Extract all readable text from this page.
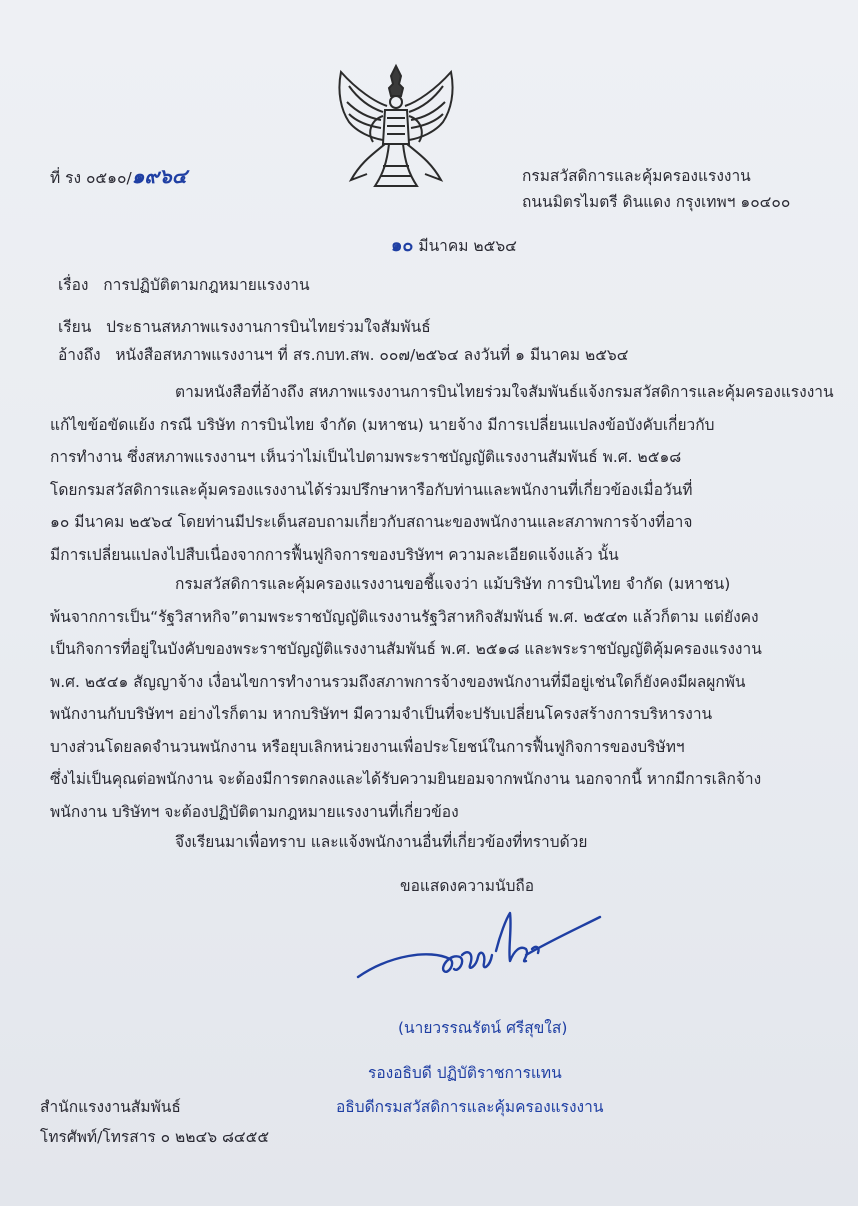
ที่ รง ๐๕๑๐/๑๙๖๔	กรมสวัสดิการและคุ้มครองแรงงาน
ถนนมิตรไมตรี ดินแดง กรุงเทพฯ ๑๐๔๐๐
๑๐ มีนาคม ๒๕๖๔
เรื่อง การปฏิบัติตามกฎหมายแรงงาน
เรียน ประธานสหภาพแรงงานการบินไทยร่วมใจสัมพันธ์
อ้างถึง หนังสือสหภาพแรงงานฯ ที่ สร.กบท.สพ. ๐๐๗/๒๕๖๔ ลงวันที่ ๑ มีนาคม ๒๕๖๔
ตามหนังสือที่อ้างถึง สหภาพแรงงานการบินไทยร่วมใจสัมพันธ์แจ้งกรมสวัสดิการและคุ้มครองแรงงาน
แก้ไขข้อขัดแย้ง กรณี บริษัท การบินไทย จำกัด (มหาชน) นายจ้าง มีการเปลี่ยนแปลงข้อบังคับเกี่ยวกับ
การทำงาน ซึ่งสหภาพแรงงานฯ เห็นว่าไม่เป็นไปตามพระราชบัญญัติแรงงานสัมพันธ์ พ.ศ. ๒๕๑๘
โดยกรมสวัสดิการและคุ้มครองแรงงานได้ร่วมปรึกษาหารือกับท่านและพนักงานที่เกี่ยวข้องเมื่อวันที่
๑๐ มีนาคม ๒๕๖๔ โดยท่านมีประเด็นสอบถามเกี่ยวกับสถานะของพนักงานและสภาพการจ้างที่อาจ
มีการเปลี่ยนแปลงไปสืบเนื่องจากการฟื้นฟูกิจการของบริษัทฯ ความละเอียดแจ้งแล้ว นั้น
กรมสวัสดิการและคุ้มครองแรงงานขอชี้แจงว่า แม้บริษัท การบินไทย จำกัด (มหาชน)
พ้นจากการเป็น“รัฐวิสาหกิจ”ตามพระราชบัญญัติแรงงานรัฐวิสาหกิจสัมพันธ์ พ.ศ. ๒๕๔๓ แล้วก็ตาม แต่ยังคง
เป็นกิจการที่อยู่ในบังคับของพระราชบัญญัติแรงงานสัมพันธ์ พ.ศ. ๒๕๑๘ และพระราชบัญญัติคุ้มครองแรงงาน
พ.ศ. ๒๕๔๑ สัญญาจ้าง เงื่อนไขการทำงานรวมถึงสภาพการจ้างของพนักงานที่มีอยู่เช่นใดก็ยังคงมีผลผูกพัน
พนักงานกับบริษัทฯ อย่างไรก็ตาม หากบริษัทฯ มีความจำเป็นที่จะปรับเปลี่ยนโครงสร้างการบริหารงาน
บางส่วนโดยลดจำนวนพนักงาน หรือยุบเลิกหน่วยงานเพื่อประโยชน์ในการฟื้นฟูกิจการของบริษัทฯ
ซึ่งไม่เป็นคุณต่อพนักงาน จะต้องมีการตกลงและได้รับความยินยอมจากพนักงาน นอกจากนี้ หากมีการเลิกจ้าง
พนักงาน บริษัทฯ จะต้องปฏิบัติตามกฎหมายแรงงานที่เกี่ยวข้อง
จึงเรียนมาเพื่อทราบ และแจ้งพนักงานอื่นที่เกี่ยวข้องที่ทราบด้วย
ขอแสดงความนับถือ
(นายวรรณรัตน์ ศรีสุขใส)
รองอธิบดี ปฏิบัติราชการแทน
อธิบดีกรมสวัสดิการและคุ้มครองแรงงาน
สำนักแรงงานสัมพันธ์
โทรศัพท์/โทรสาร ๐ ๒๒๔๖ ๘๔๕๕
